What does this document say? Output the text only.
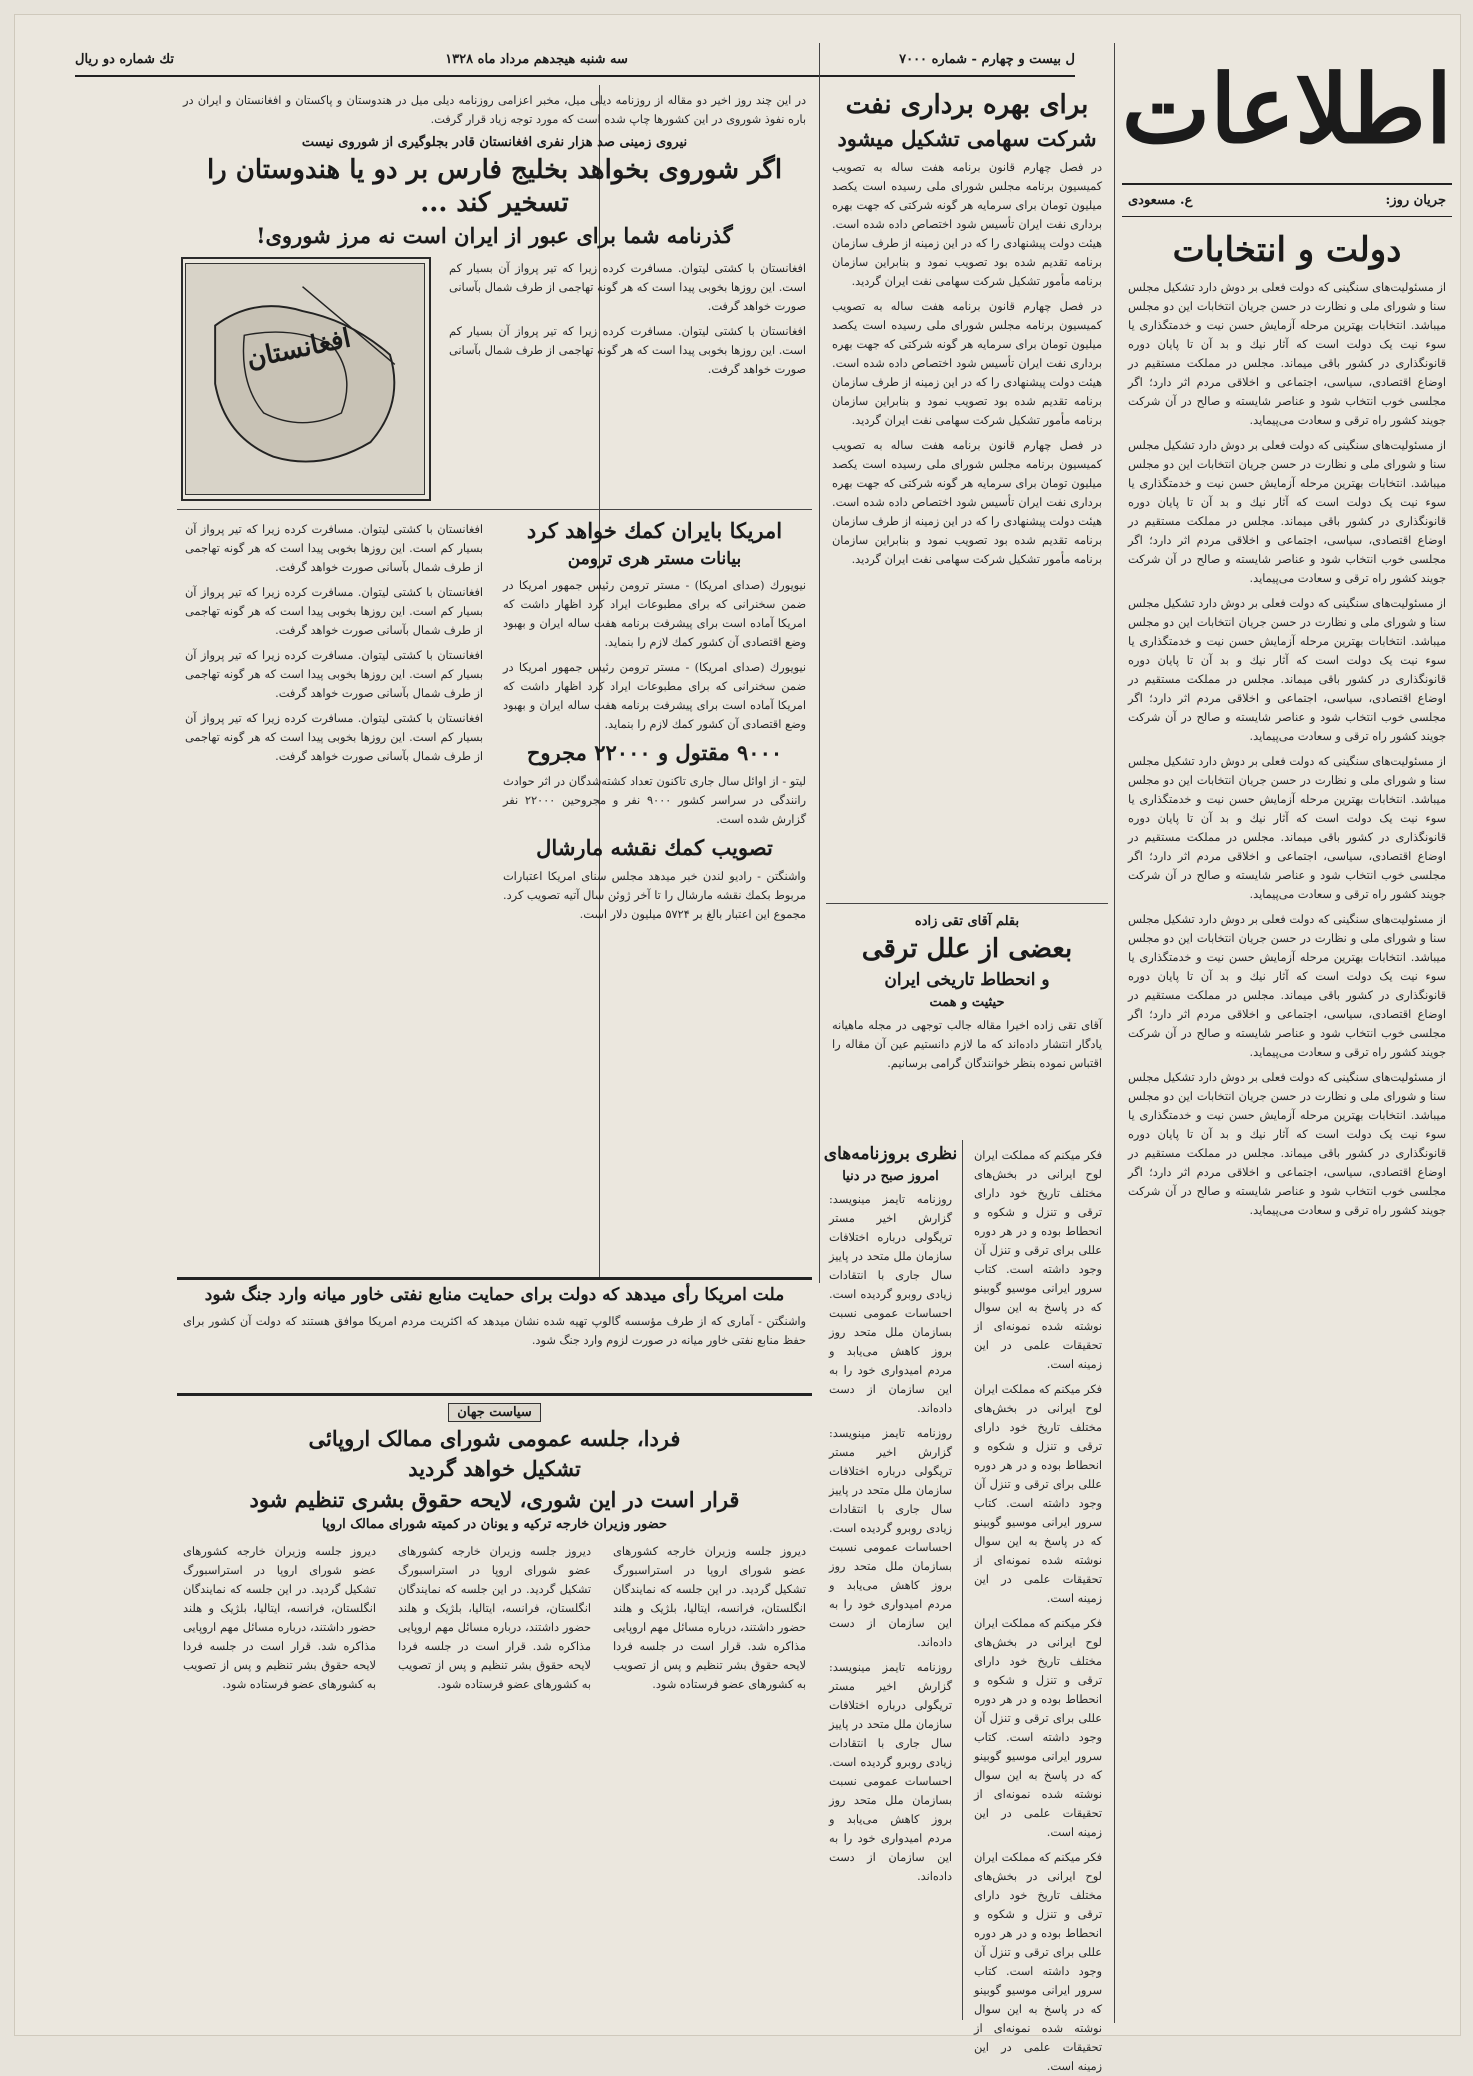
اطلاعات
ل بیست و چهارم - شماره ۷۰۰۰
سه شنبه هیجدهم مرداد ماه ۱۳۲۸
تك شماره دو ریال
جریان روز:
ع. مسعودی
دولت و انتخابات
از مسئولیت‌های سنگینی که دولت فعلی بر دوش دارد تشکیل مجلس سنا و شورای ملی و نظارت در حسن جریان انتخابات این دو مجلس میباشد. انتخابات بهترین مرحله آزمایش حسن نیت و خدمتگذاری یا سوء نیت یک دولت است که آثار نیك و بد آن تا پایان دوره قانونگذاری در کشور باقی میماند. مجلس در مملکت مستقیم در اوضاع اقتصادی، سیاسی، اجتماعی و اخلاقی مردم اثر دارد؛ اگر مجلسی خوب انتخاب شود و عناصر شایسته و صالح در آن شرکت جویند کشور راه ترقی و سعادت می‌پیماید.
از مسئولیت‌های سنگینی که دولت فعلی بر دوش دارد تشکیل مجلس سنا و شورای ملی و نظارت در حسن جریان انتخابات این دو مجلس میباشد. انتخابات بهترین مرحله آزمایش حسن نیت و خدمتگذاری یا سوء نیت یک دولت است که آثار نیك و بد آن تا پایان دوره قانونگذاری در کشور باقی میماند. مجلس در مملکت مستقیم در اوضاع اقتصادی، سیاسی، اجتماعی و اخلاقی مردم اثر دارد؛ اگر مجلسی خوب انتخاب شود و عناصر شایسته و صالح در آن شرکت جویند کشور راه ترقی و سعادت می‌پیماید.
از مسئولیت‌های سنگینی که دولت فعلی بر دوش دارد تشکیل مجلس سنا و شورای ملی و نظارت در حسن جریان انتخابات این دو مجلس میباشد. انتخابات بهترین مرحله آزمایش حسن نیت و خدمتگذاری یا سوء نیت یک دولت است که آثار نیك و بد آن تا پایان دوره قانونگذاری در کشور باقی میماند. مجلس در مملکت مستقیم در اوضاع اقتصادی، سیاسی، اجتماعی و اخلاقی مردم اثر دارد؛ اگر مجلسی خوب انتخاب شود و عناصر شایسته و صالح در آن شرکت جویند کشور راه ترقی و سعادت می‌پیماید.
از مسئولیت‌های سنگینی که دولت فعلی بر دوش دارد تشکیل مجلس سنا و شورای ملی و نظارت در حسن جریان انتخابات این دو مجلس میباشد. انتخابات بهترین مرحله آزمایش حسن نیت و خدمتگذاری یا سوء نیت یک دولت است که آثار نیك و بد آن تا پایان دوره قانونگذاری در کشور باقی میماند. مجلس در مملکت مستقیم در اوضاع اقتصادی، سیاسی، اجتماعی و اخلاقی مردم اثر دارد؛ اگر مجلسی خوب انتخاب شود و عناصر شایسته و صالح در آن شرکت جویند کشور راه ترقی و سعادت می‌پیماید.
از مسئولیت‌های سنگینی که دولت فعلی بر دوش دارد تشکیل مجلس سنا و شورای ملی و نظارت در حسن جریان انتخابات این دو مجلس میباشد. انتخابات بهترین مرحله آزمایش حسن نیت و خدمتگذاری یا سوء نیت یک دولت است که آثار نیك و بد آن تا پایان دوره قانونگذاری در کشور باقی میماند. مجلس در مملکت مستقیم در اوضاع اقتصادی، سیاسی، اجتماعی و اخلاقی مردم اثر دارد؛ اگر مجلسی خوب انتخاب شود و عناصر شایسته و صالح در آن شرکت جویند کشور راه ترقی و سعادت می‌پیماید.
از مسئولیت‌های سنگینی که دولت فعلی بر دوش دارد تشکیل مجلس سنا و شورای ملی و نظارت در حسن جریان انتخابات این دو مجلس میباشد. انتخابات بهترین مرحله آزمایش حسن نیت و خدمتگذاری یا سوء نیت یک دولت است که آثار نیك و بد آن تا پایان دوره قانونگذاری در کشور باقی میماند. مجلس در مملکت مستقیم در اوضاع اقتصادی، سیاسی، اجتماعی و اخلاقی مردم اثر دارد؛ اگر مجلسی خوب انتخاب شود و عناصر شایسته و صالح در آن شرکت جویند کشور راه ترقی و سعادت می‌پیماید.
برای بهره برداری نفت
شرکت سهامی تشکیل میشود
در فصل چهارم قانون برنامه هفت ساله به تصویب کمیسیون برنامه مجلس شورای ملی رسیده است یکصد میلیون تومان برای سرمایه هر گونه شرکتی که جهت بهره برداری نفت ایران تأسیس شود اختصاص داده شده است. هیئت دولت پیشنهادی را که در این زمینه از طرف سازمان برنامه تقدیم شده بود تصویب نمود و بنابراین سازمان برنامه مأمور تشکیل شرکت سهامی نفت ایران گردید.
در فصل چهارم قانون برنامه هفت ساله به تصویب کمیسیون برنامه مجلس شورای ملی رسیده است یکصد میلیون تومان برای سرمایه هر گونه شرکتی که جهت بهره برداری نفت ایران تأسیس شود اختصاص داده شده است. هیئت دولت پیشنهادی را که در این زمینه از طرف سازمان برنامه تقدیم شده بود تصویب نمود و بنابراین سازمان برنامه مأمور تشکیل شرکت سهامی نفت ایران گردید.
در فصل چهارم قانون برنامه هفت ساله به تصویب کمیسیون برنامه مجلس شورای ملی رسیده است یکصد میلیون تومان برای سرمایه هر گونه شرکتی که جهت بهره برداری نفت ایران تأسیس شود اختصاص داده شده است. هیئت دولت پیشنهادی را که در این زمینه از طرف سازمان برنامه تقدیم شده بود تصویب نمود و بنابراین سازمان برنامه مأمور تشکیل شرکت سهامی نفت ایران گردید.
بقلم آقای تقی زاده
بعضی از علل ترقی
و انحطاط تاریخی ایران
حیثیت و همت
آقای تقی زاده اخیرا مقاله جالب توجهی در مجله ماهیانه یادگار انتشار داده‌اند که ما لازم دانستیم عین آن مقاله را اقتباس نموده بنظر خوانندگان گرامی برسانیم.
فکر میکنم که مملکت ایران لوح ایرانی در بخش‌های مختلف تاریخ خود دارای ترقی و تنزل و شکوه و انحطاط بوده و در هر دوره عللی برای ترقی و تنزل آن وجود داشته است. کتاب سرور ایرانی موسیو گوبینو که در پاسخ به این سوال نوشته شده نمونه‌ای از تحقیقات علمی در این زمینه است.
فکر میکنم که مملکت ایران لوح ایرانی در بخش‌های مختلف تاریخ خود دارای ترقی و تنزل و شکوه و انحطاط بوده و در هر دوره عللی برای ترقی و تنزل آن وجود داشته است. کتاب سرور ایرانی موسیو گوبینو که در پاسخ به این سوال نوشته شده نمونه‌ای از تحقیقات علمی در این زمینه است.
فکر میکنم که مملکت ایران لوح ایرانی در بخش‌های مختلف تاریخ خود دارای ترقی و تنزل و شکوه و انحطاط بوده و در هر دوره عللی برای ترقی و تنزل آن وجود داشته است. کتاب سرور ایرانی موسیو گوبینو که در پاسخ به این سوال نوشته شده نمونه‌ای از تحقیقات علمی در این زمینه است.
فکر میکنم که مملکت ایران لوح ایرانی در بخش‌های مختلف تاریخ خود دارای ترقی و تنزل و شکوه و انحطاط بوده و در هر دوره عللی برای ترقی و تنزل آن وجود داشته است. کتاب سرور ایرانی موسیو گوبینو که در پاسخ به این سوال نوشته شده نمونه‌ای از تحقیقات علمی در این زمینه است.
نظری بروزنامه‌های
امروز صبح در دنیا
روزنامه تایمز مینویسد: گزارش اخیر مستر تریگولی درباره اختلافات سازمان ملل متحد در پاییز سال جاری با انتقادات زیادی روبرو گردیده است. احساسات عمومی نسبت بسازمان ملل متحد روز بروز کاهش می‌یابد و مردم امیدواری خود را به این سازمان از دست داده‌اند.
روزنامه تایمز مینویسد: گزارش اخیر مستر تریگولی درباره اختلافات سازمان ملل متحد در پاییز سال جاری با انتقادات زیادی روبرو گردیده است. احساسات عمومی نسبت بسازمان ملل متحد روز بروز کاهش می‌یابد و مردم امیدواری خود را به این سازمان از دست داده‌اند.
روزنامه تایمز مینویسد: گزارش اخیر مستر تریگولی درباره اختلافات سازمان ملل متحد در پاییز سال جاری با انتقادات زیادی روبرو گردیده است. احساسات عمومی نسبت بسازمان ملل متحد روز بروز کاهش می‌یابد و مردم امیدواری خود را به این سازمان از دست داده‌اند.
در این چند روز اخیر دو مقاله از روزنامه دیلی میل، مخبر اعزامی روزنامه دیلی میل در هندوستان و پاکستان و افغانستان و ایران در باره نفوذ شوروی در این کشورها چاپ شده است که مورد توجه زیاد قرار گرفت.
نیروی زمینی صد هزار نفری افغانستان قادر بجلوگیری از شوروی نیست
اگر شوروی بخواهد بخلیج فارس بر دو یا هندوستان را تسخیر کند ...
گذرنامه شما برای عبور از ایران است نه مرز شوروی!
افغانستان با کشتی لیتوان. مسافرت کرده زیرا که تیر پرواز آن بسیار کم است. این روزها بخوبی پیدا است که هر گونه تهاجمی از طرف شمال بآسانی صورت خواهد گرفت.
افغانستان با کشتی لیتوان. مسافرت کرده زیرا که تیر پرواز آن بسیار کم است. این روزها بخوبی پیدا است که هر گونه تهاجمی از طرف شمال بآسانی صورت خواهد گرفت.
افغانستان
امریکا بایران کمك خواهد کرد
بیانات مستر هری ترومن
نیویورك (صدای امریکا) - مستر ترومن رئیس جمهور امریکا در ضمن سخنرانی که برای مطبوعات ایراد کرد اظهار داشت که امریکا آماده است برای پیشرفت برنامه هفت ساله ایران و بهبود وضع اقتصادی آن کشور کمك لازم را بنماید.
نیویورك (صدای امریکا) - مستر ترومن رئیس جمهور امریکا در ضمن سخنرانی که برای مطبوعات ایراد کرد اظهار داشت که امریکا آماده است برای پیشرفت برنامه هفت ساله ایران و بهبود وضع اقتصادی آن کشور کمك لازم را بنماید.
۹۰۰۰ مقتول و ۲۲۰۰۰ مجروح
لیتو - از اوائل سال جاری تاکنون تعداد کشته‌شدگان در اثر حوادث رانندگی در سراسر کشور ۹۰۰۰ نفر و مجروحین ۲۲۰۰۰ نفر گزارش شده است.
تصویب کمك نقشه مارشال
واشنگتن - رادیو لندن خبر میدهد مجلس سنای امریکا اعتبارات مربوط بکمك نقشه مارشال را تا آخر ژوئن سال آتیه تصویب کرد. مجموع این اعتبار بالغ بر ۵۷۲۴ میلیون دلار است.
افغانستان با کشتی لیتوان. مسافرت کرده زیرا که تیر پرواز آن بسیار کم است. این روزها بخوبی پیدا است که هر گونه تهاجمی از طرف شمال بآسانی صورت خواهد گرفت.
افغانستان با کشتی لیتوان. مسافرت کرده زیرا که تیر پرواز آن بسیار کم است. این روزها بخوبی پیدا است که هر گونه تهاجمی از طرف شمال بآسانی صورت خواهد گرفت.
افغانستان با کشتی لیتوان. مسافرت کرده زیرا که تیر پرواز آن بسیار کم است. این روزها بخوبی پیدا است که هر گونه تهاجمی از طرف شمال بآسانی صورت خواهد گرفت.
افغانستان با کشتی لیتوان. مسافرت کرده زیرا که تیر پرواز آن بسیار کم است. این روزها بخوبی پیدا است که هر گونه تهاجمی از طرف شمال بآسانی صورت خواهد گرفت.
ملت امریکا رأی میدهد که دولت برای حمایت منابع نفتی خاور میانه وارد جنگ شود
واشنگتن - آماری که از طرف مؤسسه گالوپ تهیه شده نشان میدهد که اکثریت مردم امریکا موافق هستند که دولت آن کشور برای حفظ منابع نفتی خاور میانه در صورت لزوم وارد جنگ شود.
سیاست جهان
فردا، جلسه عمومی شورای ممالک اروپائی
تشکیل خواهد گردید
قرار است در این شوری، لایحه حقوق بشری تنظیم شود
حضور وزیران خارجه ترکیه و یونان در کمیته شورای ممالک اروپا
دیروز جلسه وزیران خارجه کشورهای عضو شورای اروپا در استراسبورگ تشکیل گردید. در این جلسه که نمایندگان انگلستان، فرانسه، ایتالیا، بلژیک و هلند حضور داشتند، درباره مسائل مهم اروپایی مذاکره شد. قرار است در جلسه فردا لایحه حقوق بشر تنظیم و پس از تصویب به کشورهای عضو فرستاده شود.
دیروز جلسه وزیران خارجه کشورهای عضو شورای اروپا در استراسبورگ تشکیل گردید. در این جلسه که نمایندگان انگلستان، فرانسه، ایتالیا، بلژیک و هلند حضور داشتند، درباره مسائل مهم اروپایی مذاکره شد. قرار است در جلسه فردا لایحه حقوق بشر تنظیم و پس از تصویب به کشورهای عضو فرستاده شود.
دیروز جلسه وزیران خارجه کشورهای عضو شورای اروپا در استراسبورگ تشکیل گردید. در این جلسه که نمایندگان انگلستان، فرانسه، ایتالیا، بلژیک و هلند حضور داشتند، درباره مسائل مهم اروپایی مذاکره شد. قرار است در جلسه فردا لایحه حقوق بشر تنظیم و پس از تصویب به کشورهای عضو فرستاده شود.
